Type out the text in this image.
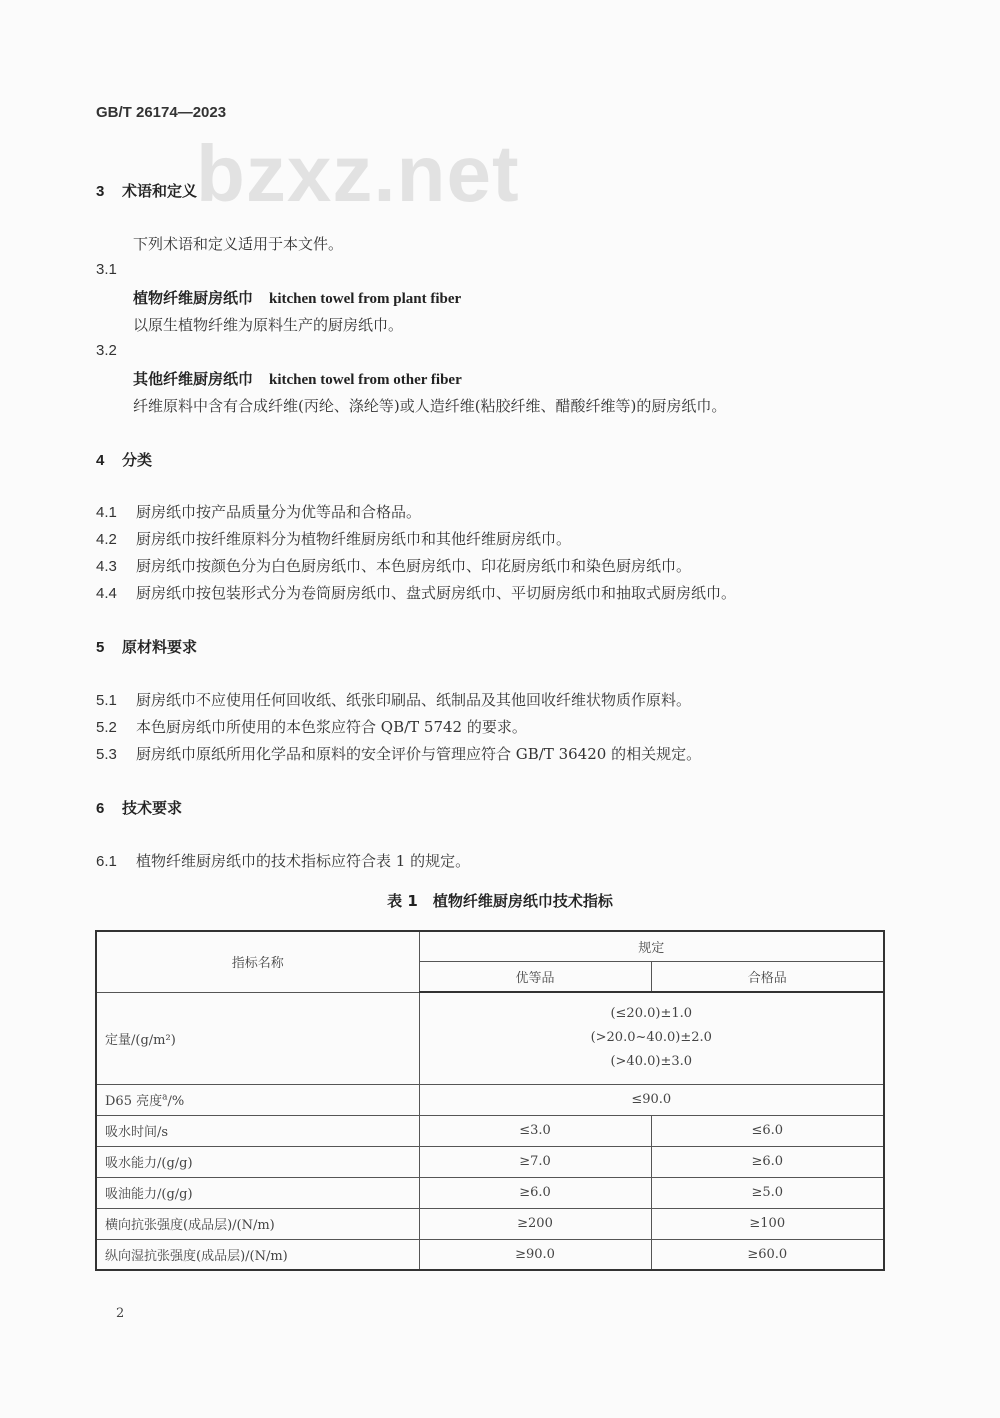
GB/T 26174—2023
bzxz.net
3 术语和定义
下列术语和定义适用于本文件。
3.1
植物纤维厨房纸巾 kitchen towel from plant fiber
以原生植物纤维为原料生产的厨房纸巾。
3.2
其他纤维厨房纸巾 kitchen towel from other fiber
纤维原料中含有合成纤维(丙纶、涤纶等)或人造纤维(粘胶纤维、醋酸纤维等)的厨房纸巾。
4 分类
4.1 厨房纸巾按产品质量分为优等品和合格品。
4.2 厨房纸巾按纤维原料分为植物纤维厨房纸巾和其他纤维厨房纸巾。
4.3 厨房纸巾按颜色分为白色厨房纸巾、本色厨房纸巾、印花厨房纸巾和染色厨房纸巾。
4.4 厨房纸巾按包装形式分为卷筒厨房纸巾、盘式厨房纸巾、平切厨房纸巾和抽取式厨房纸巾。
5 原材料要求
5.1 厨房纸巾不应使用任何回收纸、纸张印刷品、纸制品及其他回收纤维状物质作原料。
5.2 本色厨房纸巾所使用的本色浆应符合 QB/T 5742 的要求。
5.3 厨房纸巾原纸所用化学品和原料的安全评价与管理应符合 GB/T 36420 的相关规定。
6 技术要求
6.1 植物纤维厨房纸巾的技术指标应符合表 1 的规定。
表 1　植物纤维厨房纸巾技术指标
指标名称	规定	
	优等品	合格品
定量/(g/m²)	(≤20.0)±1.0
(>20.0~40.0)±2.0
(>40.0)±3.0	

D65 亮度$^a$/%	≤90.0	
吸水时间/s	≤3.0	≤6.0
吸水能力/(g/g)	≥7.0	≥6.0
吸油能力/(g/g)	≥6.0	≥5.0
横向抗张强度(成品层)/(N/m)	≥200	≥100
纵向湿抗张强度(成品层)/(N/m)	≥90.0	≥60.0
2
